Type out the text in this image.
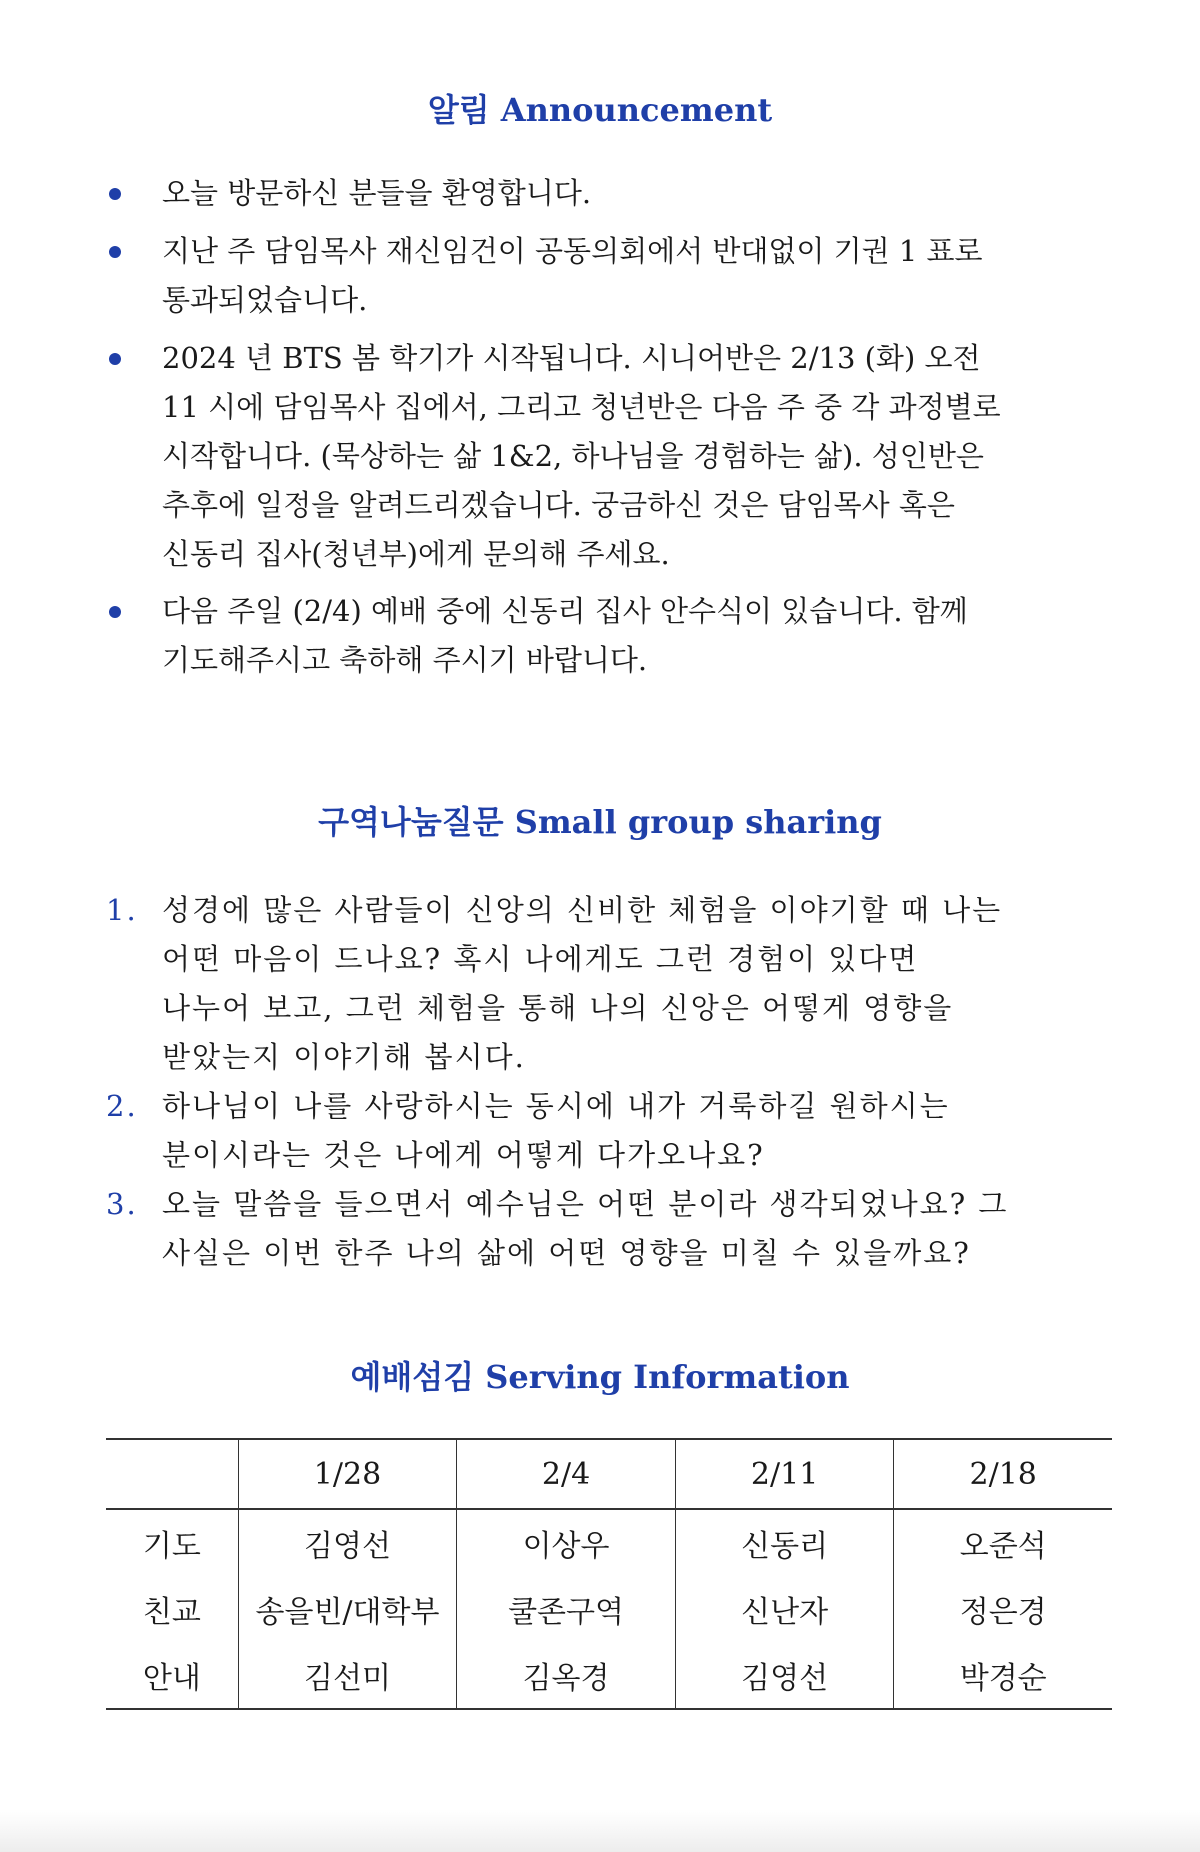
알림 Announcement
오늘 방문하신 분들을 환영합니다.
지난 주 담임목사 재신임건이 공동의회에서 반대없이 기권 1 표로
통과되었습니다.
2024 년 BTS 봄 학기가 시작됩니다. 시니어반은 2/13 (화) 오전
11 시에 담임목사 집에서, 그리고 청년반은 다음 주 중 각 과정별로
시작합니다. (묵상하는 삶 1&2, 하나님을 경험하는 삶). 성인반은
추후에 일정을 알려드리겠습니다. 궁금하신 것은 담임목사 혹은
신동리 집사(청년부)에게 문의해 주세요.
다음 주일 (2/4) 예배 중에 신동리 집사 안수식이 있습니다. 함께
기도해주시고 축하해 주시기 바랍니다.
구역나눔질문 Small group sharing
1. 성경에 많은 사람들이 신앙의 신비한 체험을 이야기할 때 나는
어떤 마음이 드나요? 혹시 나에게도 그런 경험이 있다면
나누어 보고, 그런 체험을 통해 나의 신앙은 어떻게 영향을
받았는지 이야기해 봅시다.
2. 하나님이 나를 사랑하시는 동시에 내가 거룩하길 원하시는
분이시라는 것은 나에게 어떻게 다가오나요?
3. 오늘 말씀을 들으면서 예수님은 어떤 분이라 생각되었나요? 그
사실은 이번 한주 나의 삶에 어떤 영향을 미칠 수 있을까요?
예배섬김 Serving Information
	1/28	2/4	2/11	2/18
기도	김영선	이상우	신동리	오준석
친교	송을빈/대학부	쿨존구역	신난자	정은경
안내	김선미	김옥경	김영선	박경순
